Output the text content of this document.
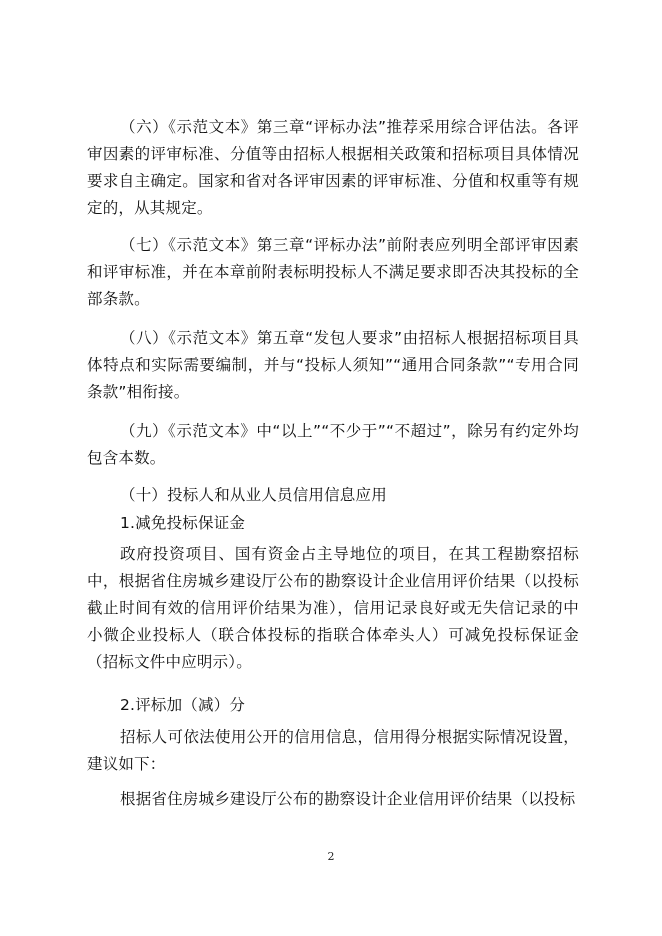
（六）《示范文本》第三章“评标办法”推荐采用综合评估法。各评审因素的评审标准、分值等由招标人根据相关政策和招标项目具体情况要求自主确定。国家和省对各评审因素的评审标准、分值和权重等有规定的，从其规定。

（七）《示范文本》第三章“评标办法”前附表应列明全部评审因素和评审标准，并在本章前附表标明投标人不满足要求即否决其投标的全部条款。

（八）《示范文本》第五章“发包人要求”由招标人根据招标项目具体特点和实际需要编制，并与“投标人须知”“通用合同条款”“专用合同条款”相衔接。

（九）《示范文本》中“以上”“不少于”“不超过”，除另有约定外均包含本数。

（十）投标人和从业人员信用信息应用

1.减免投标保证金

政府投资项目、国有资金占主导地位的项目，在其工程勘察招标中，根据省住房城乡建设厅公布的勘察设计企业信用评价结果（以投标截止时间有效的信用评价结果为准），信用记录良好或无失信记录的中小微企业投标人（联合体投标的指联合体牵头人）可减免投标保证金（招标文件中应明示）。

2.评标加（减）分

招标人可依法使用公开的信用信息，信用得分根据实际情况设置，建议如下：

根据省住房城乡建设厅公布的勘察设计企业信用评价结果（以投标

2
